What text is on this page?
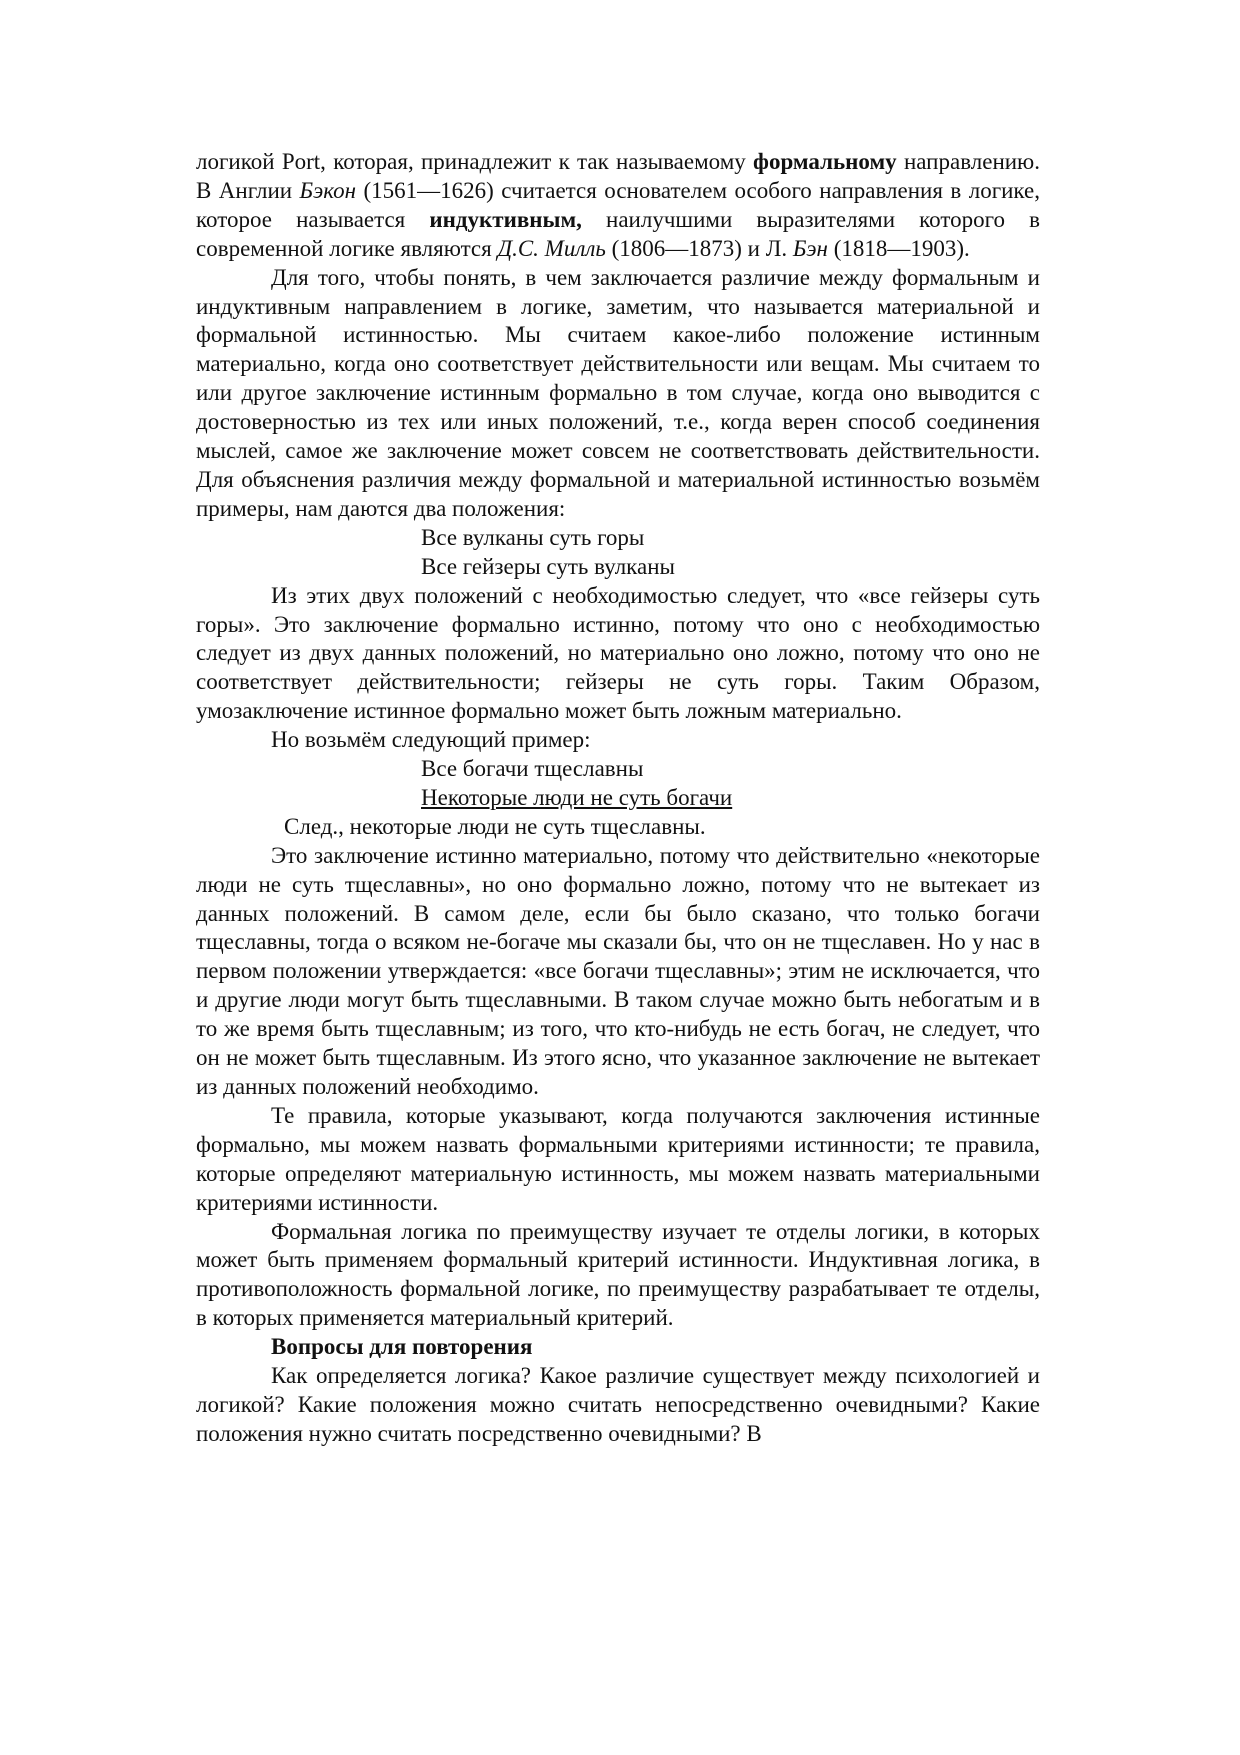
логикой Port, которая, принадлежит к так называемому формальному направлению. В Англии Бэкон (1561—1626) считается основателем особого направления в логике, которое называется индуктивным, наилучшими выразителями которого в современной логике являются Д.С. Милль (1806—1873) и Л. Бэн (1818—1903).

Для того, чтобы понять, в чем заключается различие между формальным и индуктивным направлением в логике, заметим, что называется материальной и формальной истинностью. Мы считаем какое-либо положение истинным материально, когда оно соответствует действительности или вещам. Мы считаем то или другое заключение истинным формально в том случае, когда оно выводится с достоверностью из тех или иных положений, т.е., когда верен способ соединения мыслей, самое же заключение может совсем не соответствовать действительности. Для объяснения различия между формальной и материальной истинностью возьмём примеры, нам даются два положения:

Все вулканы суть горы

Все гейзеры суть вулканы

Из этих двух положений с необходимостью следует, что «все гейзеры суть горы». Это заключение формально истинно, потому что оно с необходимостью следует из двух данных положений, но материально оно ложно, потому что оно не соответствует действительности; гейзеры не суть горы. Таким Образом, умозаключение истинное формально может быть ложным материально.

Но возьмём следующий пример:

Все богачи тщеславны

Некоторые люди не суть богачи

След., некоторые люди не суть тщеславны.

Это заключение истинно материально, потому что действительно «некоторые люди не суть тщеславны», но оно формально ложно, потому что не вытекает из данных положений. В самом деле, если бы было сказано, что только богачи тщеславны, тогда о всяком не-богаче мы сказали бы, что он не тщеславен. Но у нас в первом положении утверждается: «все богачи тщеславны»; этим не исключается, что и другие люди могут быть тщеславными. В таком случае можно быть небогатым и в то же время быть тщеславным; из того, что кто-нибудь не есть богач, не следует, что он не может быть тщеславным. Из этого ясно, что указанное заключение не вытекает из данных положений необходимо.

Те правила, которые указывают, когда получаются заключения истинные формально, мы можем назвать формальными критериями истинности; те правила, которые определяют материальную истинность, мы можем назвать материальными критериями истинности.

Формальная логика по преимуществу изучает те отделы логики, в которых может быть применяем формальный критерий истинности. Индуктивная логика, в противоположность формальной логике, по преимуществу разрабатывает те отделы, в которых применяется материальный критерий.

Вопросы для повторения

Как определяется логика? Какое различие существует между психологией и логикой? Какие положения можно считать непосредственно очевидными? Какие положения нужно считать посредственно очевидными? В
